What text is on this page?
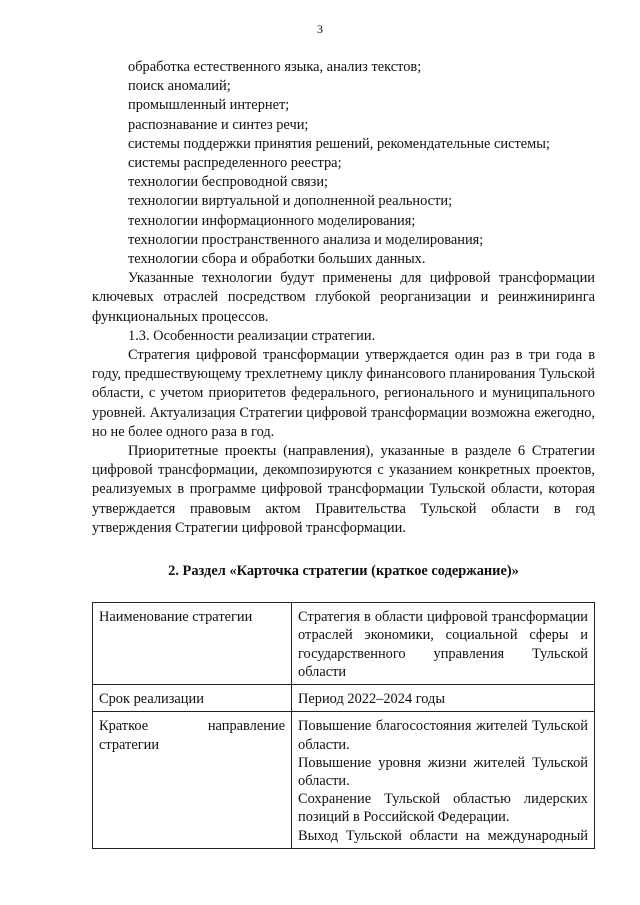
3

обработка естественного языка, анализ текстов;

поиск аномалий;

промышленный интернет;

распознавание и синтез речи;

системы поддержки принятия решений, рекомендательные системы;

системы распределенного реестра;

технологии беспроводной связи;

технологии виртуальной и дополненной реальности;

технологии информационного моделирования;

технологии пространственного анализа и моделирования;

технологии сбора и обработки больших данных.

Указанные технологии будут применены для цифровой трансформации ключевых отраслей посредством глубокой реорганизации и реинжиниринга функциональных процессов.

1.3. Особенности реализации стратегии.

Стратегия цифровой трансформации утверждается один раз в три года в году, предшествующему трехлетнему циклу финансового планирования Тульской области, с учетом приоритетов федерального, регионального и муниципального уровней. Актуализация Стратегии цифровой трансформации возможна ежегодно, но не более одного раза в год.

Приоритетные проекты (направления), указанные в разделе 6 Стратегии цифровой трансформации, декомпозируются с указанием конкретных проектов, реализуемых в программе цифровой трансформации Тульской области, которая утверждается правовым актом Правительства Тульской области в год утверждения Стратегии цифровой трансформации.

2. Раздел «Карточка стратегии (краткое содержание)»

Наименование стратегии	Стратегия в области цифровой трансформации отраслей экономики, социальной сферы и государственного управления Тульской области

Срок реализации	Период 2022–2024 годы

Краткое направление стратегии	Повышение благосостояния жителей Тульской области.

Повышение уровня жизни жителей Тульской области.

Сохранение Тульской областью лидерских позиций в Российской Федерации.

Выход Тульской области на международный
